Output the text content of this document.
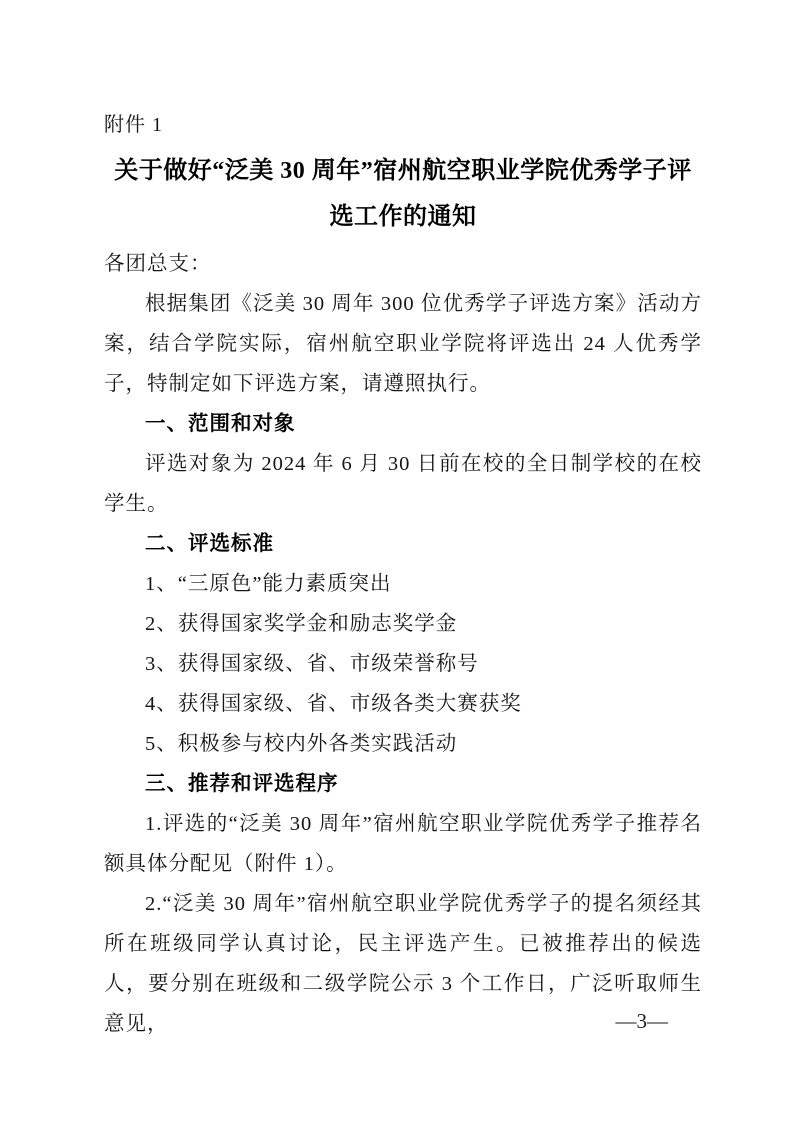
附件 1
关于做好“泛美 30 周年”宿州航空职业学院优秀学子评
选工作的通知

各团总支：

根据集团《泛美 30 周年 300 位优秀学子评选方案》活动方案，结合学院实际，宿州航空职业学院将评选出 24 人优秀学子，特制定如下评选方案，请遵照执行。

一、范围和对象

评选对象为 2024 年 6 月 30 日前在校的全日制学校的在校学生。

二、评选标准

1、“三原色”能力素质突出

2、获得国家奖学金和励志奖学金

3、获得国家级、省、市级荣誉称号

4、获得国家级、省、市级各类大赛获奖

5、积极参与校内外各类实践活动

三、推荐和评选程序

1.评选的“泛美 30 周年”宿州航空职业学院优秀学子推荐名额具体分配见（附件 1）。

2.“泛美 30 周年”宿州航空职业学院优秀学子的提名须经其所在班级同学认真讨论，民主评选产生。已被推荐出的候选人，要分别在班级和二级学院公示 3 个工作日，广泛听取师生意见，	—3—
